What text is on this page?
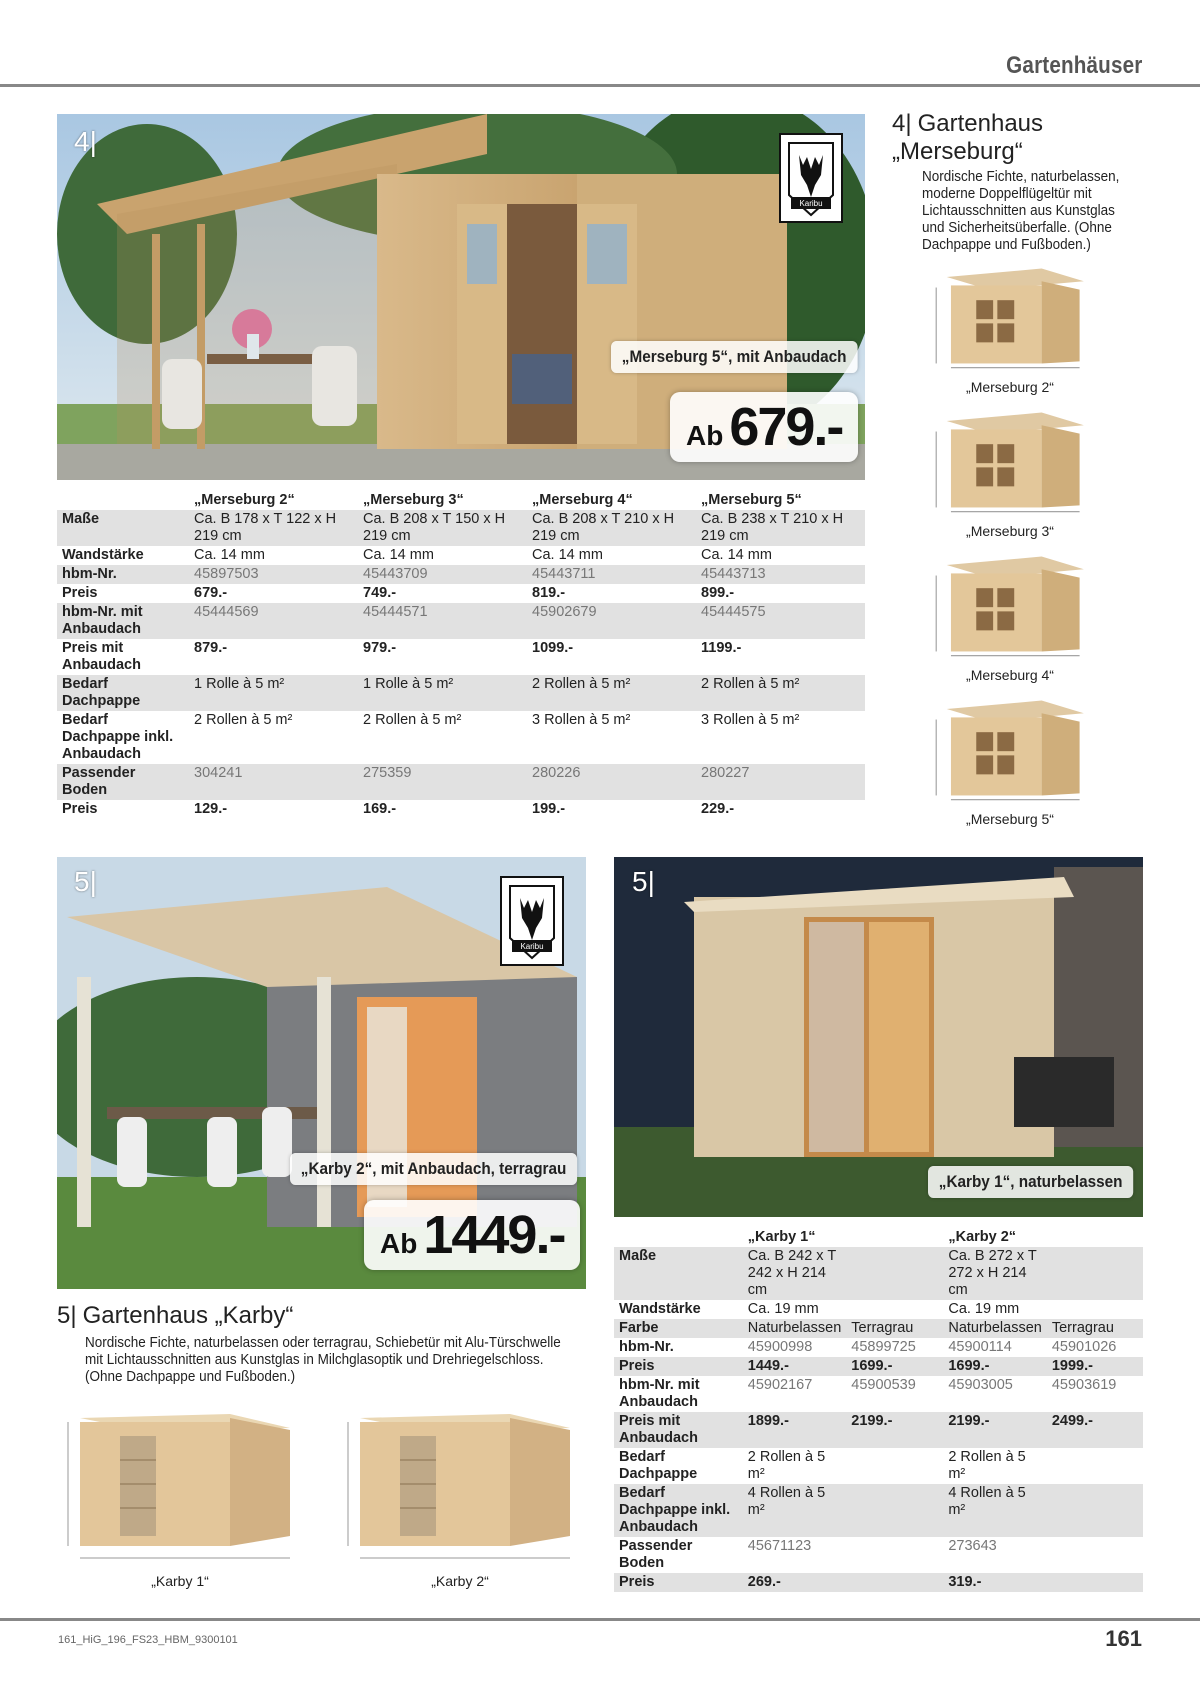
Gartenhäuser
4|
Karibu
„Merseburg 5“, mit Anbaudach
Ab 679.-
4| Gartenhaus „Merseburg“
Nordische Fichte, naturbelassen, moderne Doppelflügeltür mit Lichtausschnitten aus Kunstglas und Sicherheitsüberfalle. (Ohne Dachpappe und Fußboden.)
„Merseburg 2“
„Merseburg 3“
„Merseburg 4“
„Merseburg 5“
	„Merseburg 2“	„Merseburg 3“	„Merseburg 4“	„Merseburg 5“
Maße	Ca. B 178 x T 122 x H 219 cm	Ca. B 208 x T 150 x H 219 cm	Ca. B 208 x T 210 x H 219 cm	Ca. B 238 x T 210 x H 219 cm
Wandstärke	Ca. 14 mm	Ca. 14 mm	Ca. 14 mm	Ca. 14 mm
hbm-Nr.	45897503	45443709	45443711	45443713
Preis	679.-	749.-	819.-	899.-
hbm-Nr. mit Anbaudach	45444569	45444571	45902679	45444575
Preis mit Anbaudach	879.-	979.-	1099.-	1199.-
Bedarf Dachpappe	1 Rolle à 5 m²	1 Rolle à 5 m²	2 Rollen à 5 m²	2 Rollen à 5 m²
Bedarf Dachpappe inkl. Anbaudach	2 Rollen à 5 m²	2 Rollen à 5 m²	3 Rollen à 5 m²	3 Rollen à 5 m²
Passender Boden	304241	275359	280226	280227
Preis	129.-	169.-	199.-	229.-
5|
Karibu
„Karby 2“, mit Anbaudach, terragrau
Ab 1449.-
5|
„Karby 1“, naturbelassen
5| Gartenhaus „Karby“
Nordische Fichte, naturbelassen oder terragrau, Schiebetür mit Alu-Türschwelle mit Lichtausschnitten aus Kunstglas in Milchglasoptik und Drehriegelschloss. (Ohne Dachpappe und Fußboden.)
„Karby 1“	„Karby 2“
	„Karby 1“		„Karby 2“	
Maße	Ca. B 242 x T 242 x H 214 cm		Ca. B 272 x T 272 x H 214 cm	
Wandstärke	Ca. 19 mm		Ca. 19 mm	
Farbe	Naturbelassen	Terragrau	Naturbelassen	Terragrau
hbm-Nr.	45900998	45899725	45900114	45901026
Preis	1449.-	1699.-	1699.-	1999.-
hbm-Nr. mit Anbaudach	45902167	45900539	45903005	45903619
Preis mit Anbaudach	1899.-	2199.-	2199.-	2499.-
Bedarf Dachpappe	2 Rollen à 5 m²		2 Rollen à 5 m²	
Bedarf Dachpappe inkl. Anbaudach	4 Rollen à 5 m²		4 Rollen à 5 m²	
Passender Boden	45671123		273643	
Preis	269.-		319.-	
161_HiG_196_FS23_HBM_9300101	161
